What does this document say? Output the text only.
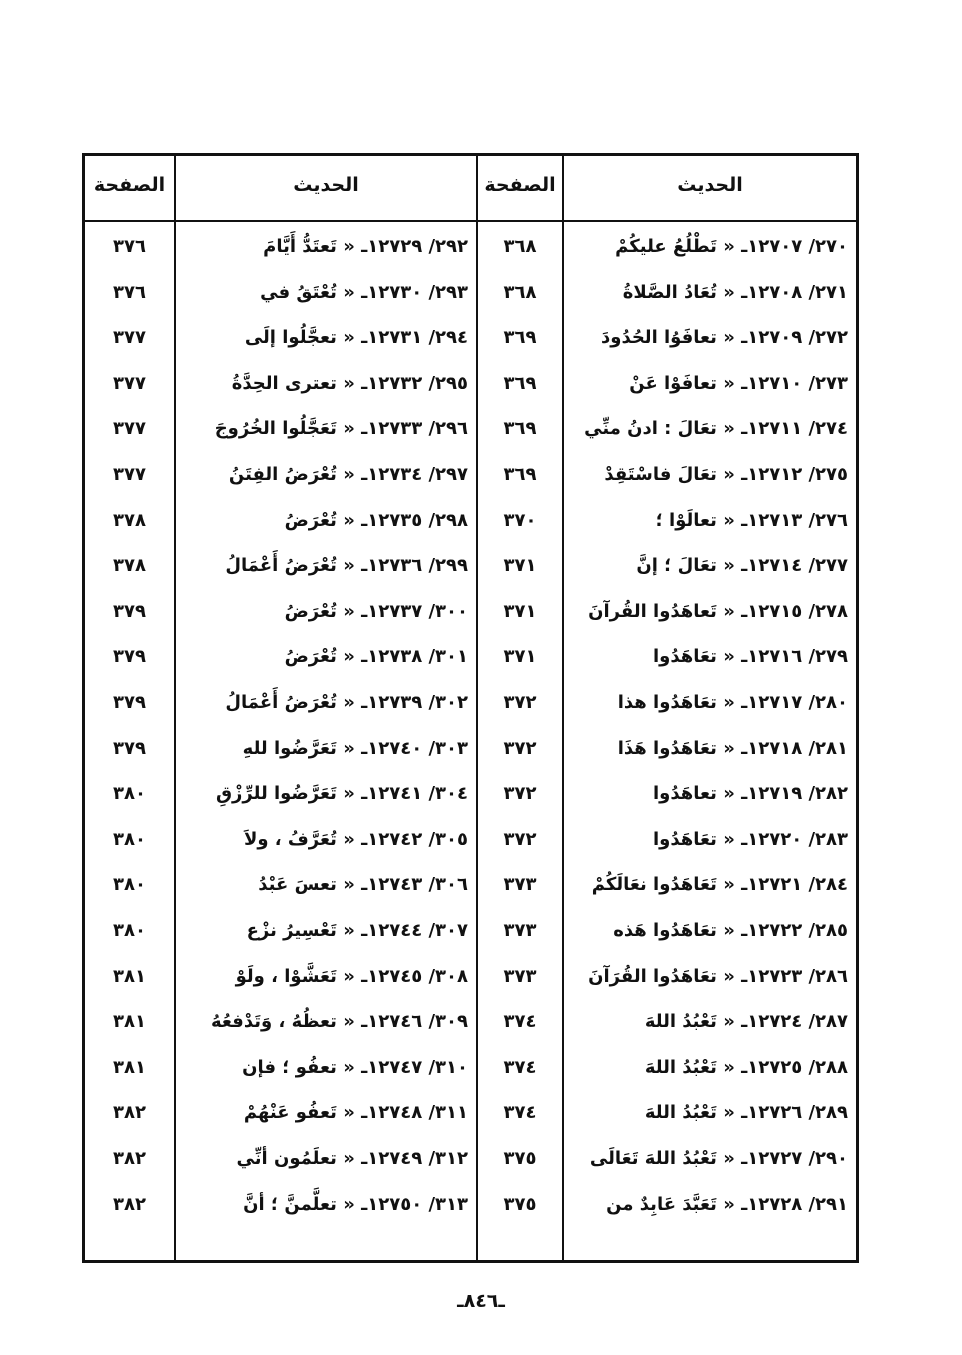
الحديث
الصفحة
الحديث
الصفحة
٢٧٠/ ١٢٧٠٧ـ « تَطْلُعُ عليكُمْ
٣٦٨
٢٧١/ ١٢٧٠٨ـ « تُعَادُ الصَّلاةُ
٣٦٨
٢٧٢/ ١٢٧٠٩ـ « تعافَوُا الحُدُودَ
٣٦٩
٢٧٣/ ١٢٧١٠ـ « تعافَوْا عَنْ
٣٦٩
٢٧٤/ ١٢٧١١ـ « تعَالَ : ادنُ منِّي
٣٦٩
٢٧٥/ ١٢٧١٢ـ « تعَالَ فاسْتَقِدْ
٣٦٩
٢٧٦/ ١٢٧١٣ـ « تعالَوْا ؛
٣٧٠
٢٧٧/ ١٢٧١٤ـ « تعَالَ ؛ إنَّ
٣٧١
٢٧٨/ ١٢٧١٥ـ « تَعاهَدُوا القُرآنَ
٣٧١
٢٧٩/ ١٢٧١٦ـ « تعَاهَدُوا
٣٧١
٢٨٠/ ١٢٧١٧ـ « تعَاهَدُوا هذا
٣٧٢
٢٨١/ ١٢٧١٨ـ « تعَاهَدُوا هَذَا
٣٧٢
٢٨٢/ ١٢٧١٩ـ « تعاهَدُوا
٣٧٢
٢٨٣/ ١٢٧٢٠ـ « تعَاهَدُوا
٣٧٢
٢٨٤/ ١٢٧٢١ـ « تَعَاهَدُوا نعَالَكُمْ
٣٧٣
٢٨٥/ ١٢٧٢٢ـ « تعَاهَدُوا هَذه
٣٧٣
٢٨٦/ ١٢٧٢٣ـ « تعَاهَدُوا القُرَآنَ
٣٧٣
٢٨٧/ ١٢٧٢٤ـ « تَعْبُدُ اللهَ
٣٧٤
٢٨٨/ ١٢٧٢٥ـ « تَعْبُدُ اللهَ
٣٧٤
٢٨٩/ ١٢٧٢٦ـ « تَعْبُدُ اللهَ
٣٧٤
٢٩٠/ ١٢٧٢٧ـ « تَعْبُدُ اللهَ تَعَالَى
٣٧٥
٢٩١/ ١٢٧٢٨ـ « تَعَبَّدَ عَابِدٌ من
٣٧٥
٢٩٢/ ١٢٧٢٩ـ « تَعتَدُّ أَيَّامَ
٣٧٦
٢٩٣/ ١٢٧٣٠ـ « تُعْتَقُ في
٣٧٦
٢٩٤/ ١٢٧٣١ـ « تعجَّلُوا إلَى
٣٧٧
٢٩٥/ ١٢٧٣٢ـ « تعترى الحِدَّةُ
٣٧٧
٢٩٦/ ١٢٧٣٣ـ « تَعَجَّلُوا الخُرُوجَ
٣٧٧
٢٩٧/ ١٢٧٣٤ـ « تُعْرَضُ الفِتَنُ
٣٧٧
٢٩٨/ ١٢٧٣٥ـ « تُعْرَضُ
٣٧٨
٢٩٩/ ١٢٧٣٦ـ « تُعْرَضُ أَعْمَالُ
٣٧٨
٣٠٠/ ١٢٧٣٧ـ « تُعْرَضُ
٣٧٩
٣٠١/ ١٢٧٣٨ـ « تُعْرَضُ
٣٧٩
٣٠٢/ ١٢٧٣٩ـ « تُعْرَضُ أَعْمَالُ
٣٧٩
٣٠٣/ ١٢٧٤٠ـ « تَعَرَّضُوا للهِ
٣٧٩
٣٠٤/ ١٢٧٤١ـ « تَعَرَّضُوا للرِّزْقِ
٣٨٠
٣٠٥/ ١٢٧٤٢ـ « تُعَرَّفُ ، ولاَ
٣٨٠
٣٠٦/ ١٢٧٤٣ـ « تعسَ عَبْدُ
٣٨٠
٣٠٧/ ١٢٧٤٤ـ « تَعْسِيرُ نزْع
٣٨٠
٣٠٨/ ١٢٧٤٥ـ « تَعَشَّوْا ، ولَوْ
٣٨١
٣٠٩/ ١٢٧٤٦ـ « تعظُهُ ، وَتَدْفعُهُ
٣٨١
٣١٠/ ١٢٧٤٧ـ « تعفُو ؛ فإن
٣٨١
٣١١/ ١٢٧٤٨ـ « تَعفُو عَنْهُمْ
٣٨٢
٣١٢/ ١٢٧٤٩ـ « تعلَمُون أنِّي
٣٨٢
٣١٣/ ١٢٧٥٠ـ « تعلَّمنَّ ؛ أنَّ
٣٨٢
ـ٨٤٦ـ
